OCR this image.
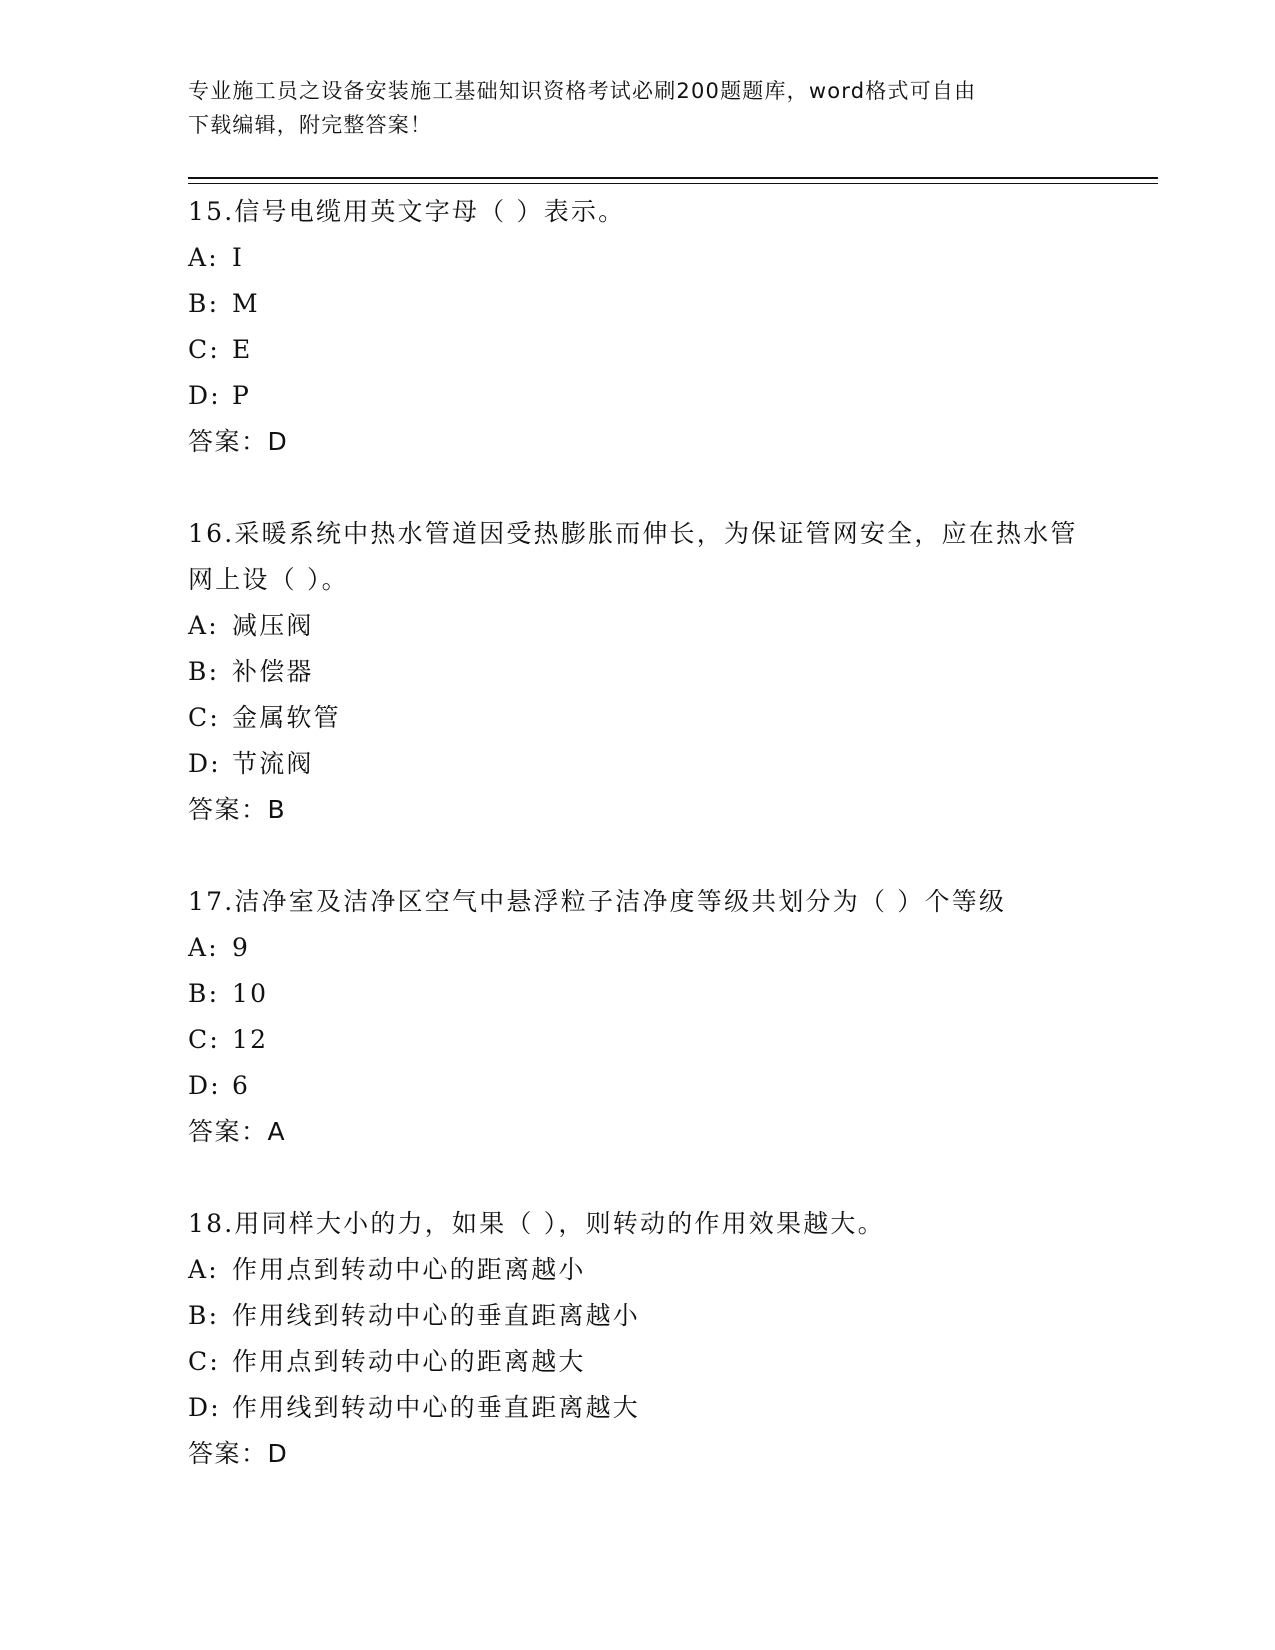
专业施工员之设备安装施工基础知识资格考试必刷200题题库，word格式可自由
下载编辑，附完整答案！
15.信号电缆用英文字母（ ）表示。
A: I
B: M
C: E
D: P
答案：D
16.采暖系统中热水管道因受热膨胀而伸长，为保证管网安全，应在热水管网上设（ ）。
A: 减压阀
B: 补偿器
C: 金属软管
D: 节流阀
答案：B
17.洁净室及洁净区空气中悬浮粒子洁净度等级共划分为（ ）个等级
A: 9
B: 10
C: 12
D: 6
答案：A
18.用同样大小的力，如果（ ），则转动的作用效果越大。
A: 作用点到转动中心的距离越小
B: 作用线到转动中心的垂直距离越小
C: 作用点到转动中心的距离越大
D: 作用线到转动中心的垂直距离越大
答案：D
